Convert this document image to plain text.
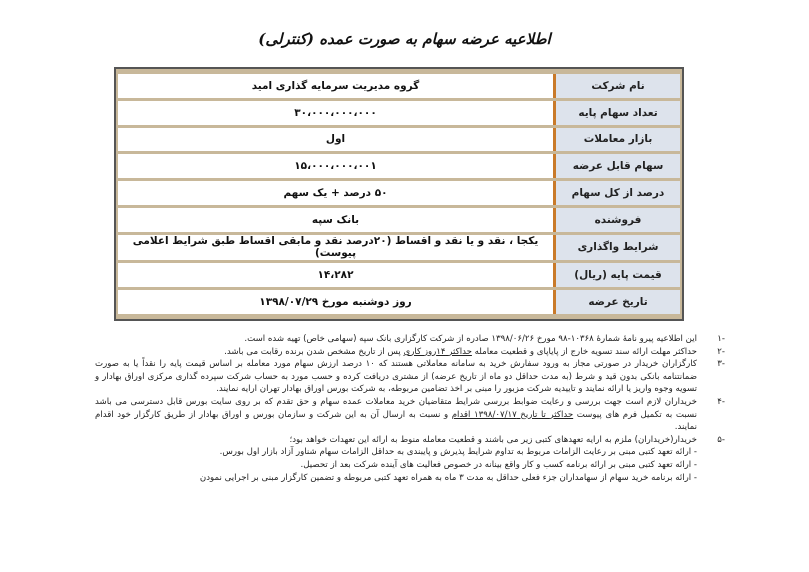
اطلاعیه عرضه سهام به صورت عمده (کنترلی)
نام شرکت	گروه مدیریت سرمایه گذاری امید
تعداد سهام پایه	۳۰،۰۰۰،۰۰۰،۰۰۰
بازار معاملات	اول
سهام قابل عرضه	۱۵،۰۰۰،۰۰۰،۰۰۱
درصد از کل سهام	۵۰ درصد + یک سهم
فروشنده	بانک سپه
شرایط واگذاری	یکجا ، نقد و یا نقد و اقساط (۲۰درصد نقد و مابقی اقساط طبق شرایط اعلامی پیوست)
قیمت پایه (ریال)	۱۴،۲۸۲
تاریخ عرضه	روز دوشنبه مورخ ۱۳۹۸/۰۷/۲۹
-۱
این اطلاعیه پیرو نامهٔ شمارهٔ ۱۰۳۶۸-۹۸ مورخ ۱۳۹۸/۰۶/۲۶ صادره از شرکت کارگزاری بانک سپه (سهامی خاص) تهیه شده است.
-۲
حداکثر مهلت ارائه سند تسویه خارج از پایاپای و قطعیت معامله حداکثر ۱۴روز کاری پس از تاریخ مشخص شدن برنده رقابت می باشد.
-۳
کارگزاران خریدار در صورتی مجاز به ورود سفارش خرید به سامانه معاملاتی هستند که ۱۰ درصد ارزش سهام مورد معامله بر اساس قیمت پایه را نقداً یا به صورت ضمانتنامه بانکی بدون قید و شرط (به مدت حداقل دو ماه از تاریخ عرضه) از مشتری دریافت کرده و حسب مورد به حساب شرکت سپرده گذاری مرکزی اوراق بهادار و تسویه وجوه واریز یا ارائه نمایند و تاییدیه شرکت مزبور را مبنی بر اخذ تضامین مربوطه، به شرکت بورس اوراق بهادار تهران ارایه نمایند.
-۴
خریداران لازم است جهت بررسی و رعایت ضوابط بررسی شرایط متقاضیان خرید معاملات عمده سهام و حق تقدم که بر روی سایت بورس قابل دسترسی می باشد نسبت به تکمیل فرم های پیوست حداکثر تا تاریخ ۱۳۹۸/۰۷/۱۷ اقدام و نسبت به ارسال آن به این شرکت و سازمان بورس و اوراق بهادار از طریق کارگزار خود اقدام نمایند.
-۵
خریدار(خریداران) ملزم به ارایه تعهدهای کتبی زیر می باشند و قطعیت معامله منوط به ارائه این تعهدات خواهد بود؛
- ارائه تعهد کتبی مبنی بر رعایت الزامات مربوط به تداوم شرایط پذیرش و پایبندی به حداقل الزامات سهام شناور آزاد بازار اول بورس.
- ارائه تعهد کتبی مبنی بر ارائه برنامه کسب و کار واقع بینانه در خصوص فعالیت های آینده شرکت بعد از تحصیل.
- ارائه برنامه خرید سهام از سهامداران جزء فعلی حداقل به مدت ۳ ماه به همراه تعهد کتبی مربوطه و تضمین کارگزار مبنی بر اجرایی نمودن
